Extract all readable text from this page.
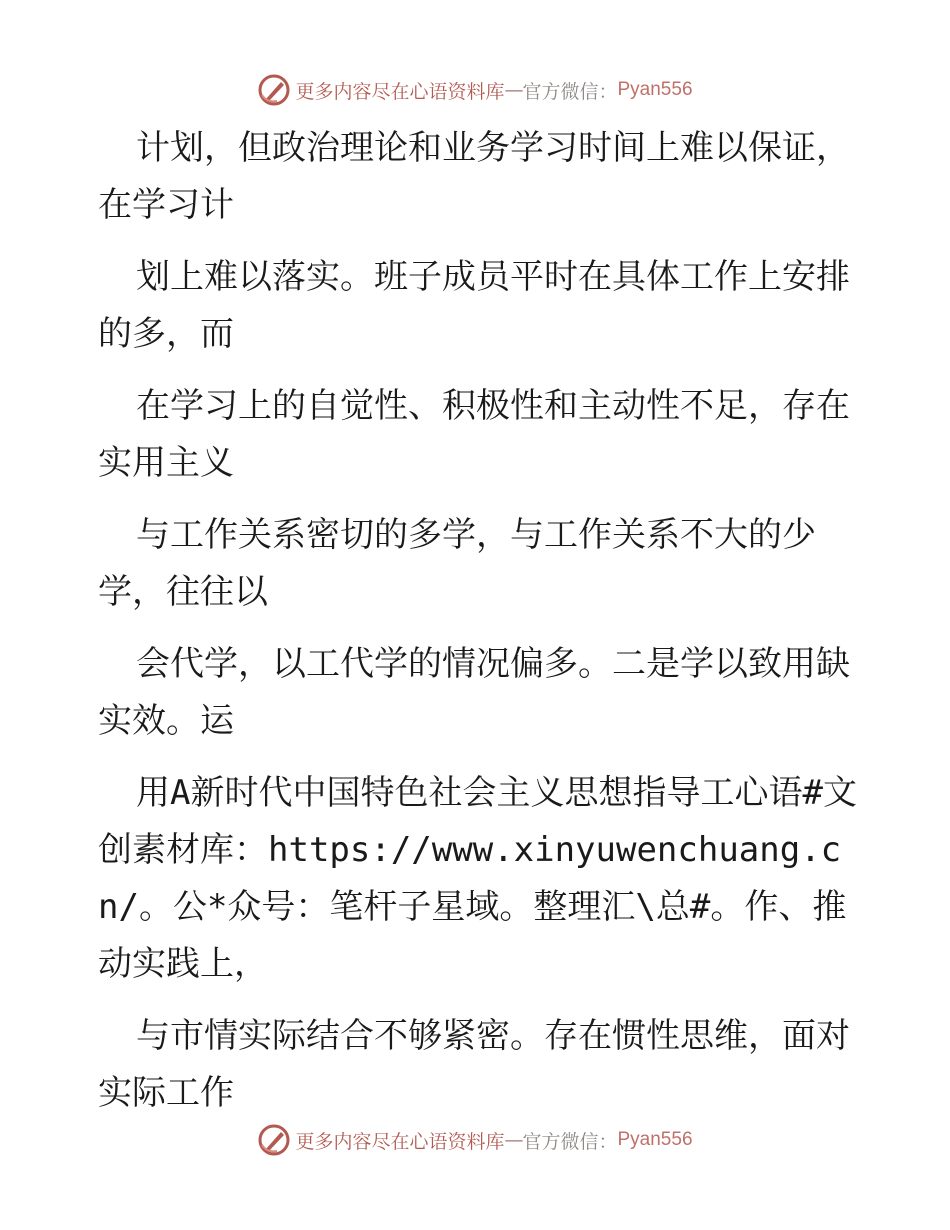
更多内容尽在心语资料库 — 官方微信： Pyan556

计划，但政治理论和业务学习时间上难以保证，在学习计

划上难以落实。班子成员平时在具体工作上安排的多，而

在学习上的自觉性、积极性和主动性不足，存在实用主义

与工作关系密切的多学，与工作关系不大的少学，往往以

会代学，以工代学的情况偏多。二是学以致用缺实效。运

用A新时代中国特色社会主义思想指导工心语#文创素材库：https://www.xinyuwenchuang.cn/。公*众号：笔杆子星域。整理汇\总#。作、推动实践上，

与市情实际结合不够紧密。存在惯性思维，面对实际工作

更多内容尽在心语资料库 — 官方微信： Pyan556
